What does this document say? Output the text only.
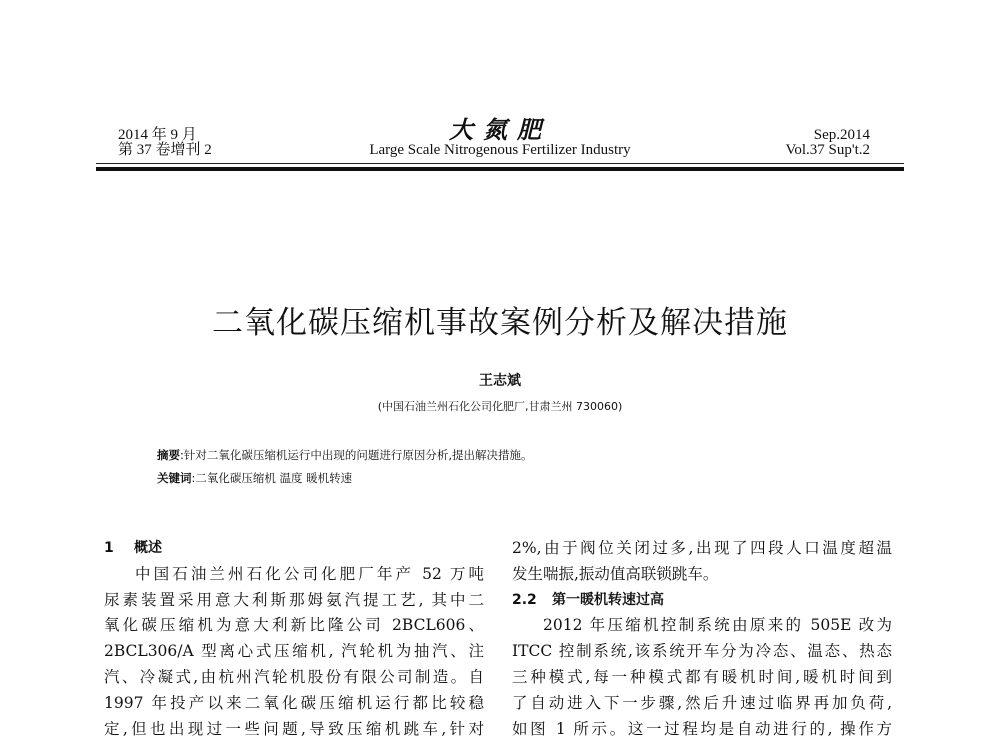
2014 年 9 月
第 37 卷增刊 2
大氮肥
Large Scale Nitrogenous Fertilizer Industry
Sep.2014
Vol.37 Sup't.2
二氧化碳压缩机事故案例分析及解决措施
王志斌
(中国石油兰州石化公司化肥厂,甘肃兰州 730060)
摘要:针对二氧化碳压缩机运行中出现的问题进行原因分析,提出解决措施。
关键词:二氧化碳压缩机 温度 暖机转速
1 概述
中国石油兰州石化公司化肥厂年产 52 万吨
尿素装置采用意大利斯那姆氨汽提工艺, 其中二
氧化碳压缩机为意大利新比隆公司 2BCL606、
2BCL306/A 型离心式压缩机, 汽轮机为抽汽、注
汽、冷凝式,由杭州汽轮机股份有限公司制造。自
1997 年投产以来二氧化碳压缩机运行都比较稳
定,但也出现过一些问题,导致压缩机跳车,针对
2%,由于阀位关闭过多,出现了四段人口温度超温
发生喘振,振动值高联锁跳车。
2.2 第一暖机转速过高
2012 年压缩机控制系统由原来的 505E 改为
ITCC 控制系统,该系统开车分为冷态、温态、热态
三种模式,每一种模式都有暖机时间,暖机时间到
了自动进入下一步骤,然后升速过临界再加负荷,
如图 1 所示。这一过程均是自动进行的, 操作方
